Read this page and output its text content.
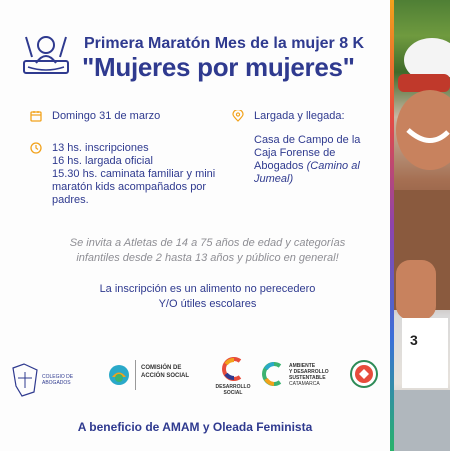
3
Primera Maratón Mes de la mujer 8 K
"Mujeres por mujeres"
Domingo 31 de marzo
13 hs. inscripciones
16 hs. largada oficial
15.30 hs. caminata familiar y mini
maratón kids acompañados por
padres.
Largada y llegada:
Casa de Campo de la
Caja Forense de
Abogados (Camino al
Jumeal)
Se invita a Atletas de 14 a 75 años de edad y categorías
infantiles desde 2 hasta 13 años y público en general!
La inscripción es un alimento no perecedero
Y/O útiles escolares
COLEGIO DE ABOGADOS
COMISIÓN DE
ACCIÓN SOCIAL
DESARROLLO SOCIAL
AMBIENTE
Y DESARROLLO
SUSTENTABLE
CATAMARCA
A beneficio de AMAM y Oleada Feminista
